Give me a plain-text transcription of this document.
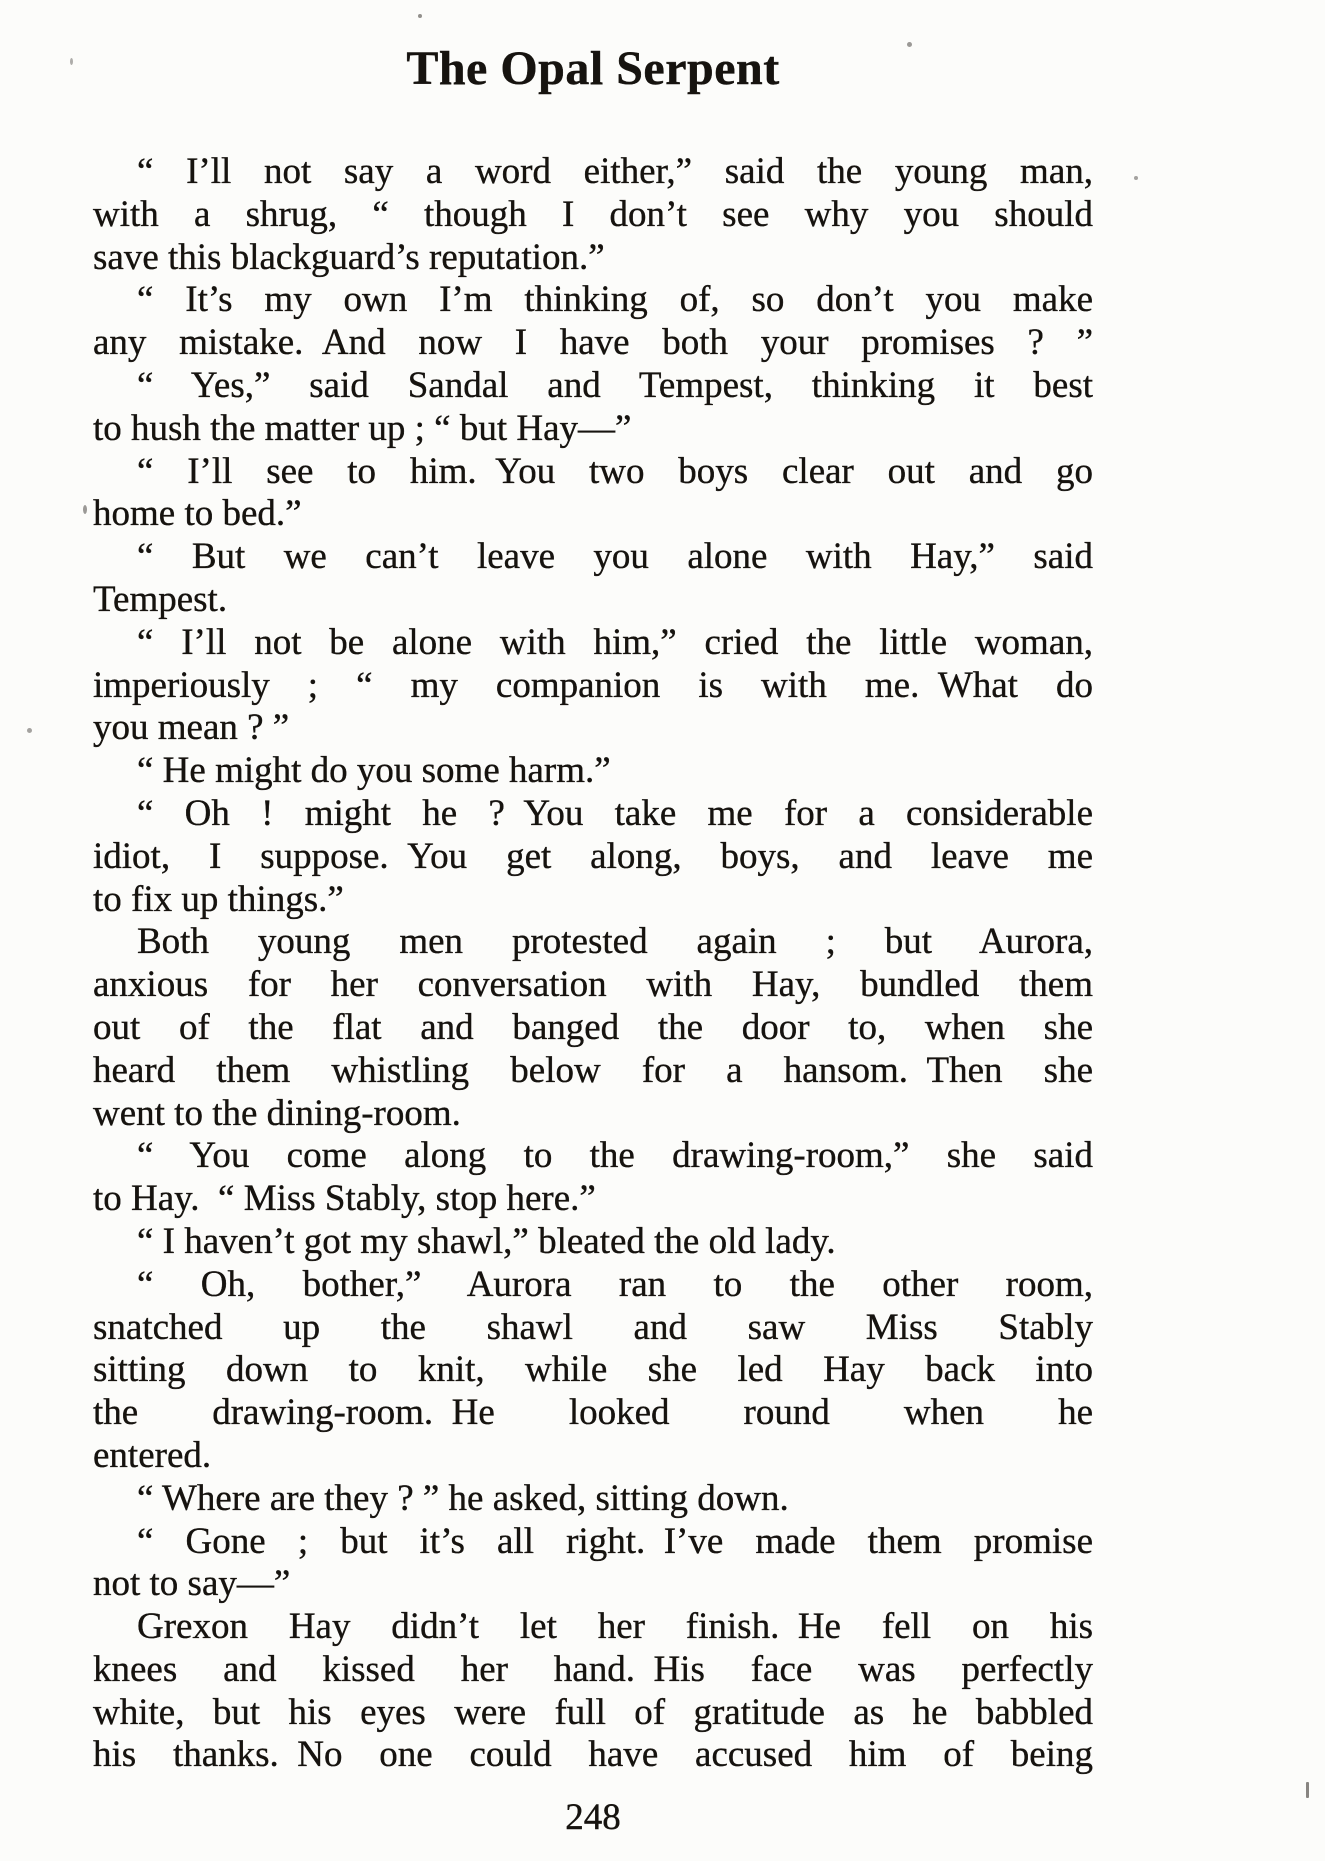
The Opal Serpent

“ I’ll not say a word either,” said the young man,
with a shrug, “ though I don’t see why you should
save this blackguard’s reputation.”

“ It’s my own I’m thinking of, so don’t you make
any mistake. And now I have both your promises ? ”

“ Yes,” said Sandal and Tempest, thinking it best
to hush the matter up ; “ but Hay—”

“ I’ll see to him. You two boys clear out and go
home to bed.”

“ But we can’t leave you alone with Hay,” said
Tempest.

“ I’ll not be alone with him,” cried the little woman,
imperiously ; “ my companion is with me. What do
you mean ? ”

“ He might do you some harm.”

“ Oh ! might he ? You take me for a considerable
idiot, I suppose. You get along, boys, and leave me
to fix up things.”

Both young men protested again ; but Aurora,
anxious for her conversation with Hay, bundled them
out of the flat and banged the door to, when she
heard them whistling below for a hansom. Then she
went to the dining-room.

“ You come along to the drawing-room,” she said
to Hay. “ Miss Stably, stop here.”

“ I haven’t got my shawl,” bleated the old lady.

“ Oh, bother,” Aurora ran to the other room,
snatched up the shawl and saw Miss Stably
sitting down to knit, while she led Hay back into
the drawing-room. He looked round when he
entered.

“ Where are they ? ” he asked, sitting down.

“ Gone ; but it’s all right. I’ve made them promise
not to say—”

Grexon Hay didn’t let her finish. He fell on his
knees and kissed her hand. His face was perfectly
white, but his eyes were full of gratitude as he babbled
his thanks. No one could have accused him of being

248
